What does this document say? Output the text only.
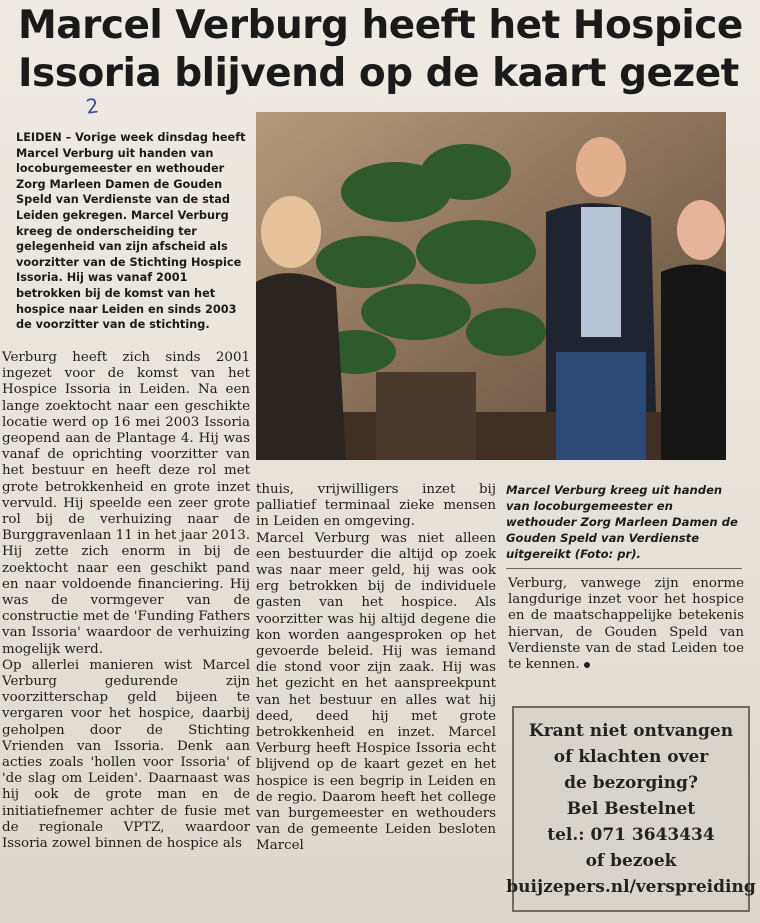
Marcel Verburg heeft het Hospice
Issoria blijvend op de kaart gezet
2
LEIDEN – Vorige week dinsdag heeft Marcel Verburg uit handen van locoburgemeester en wethouder Zorg Marleen Damen de Gouden Speld van Verdienste van de stad Leiden gekregen. Marcel Verburg kreeg de onderscheiding ter gelegenheid van zijn afscheid als voorzitter van de Stichting Hospice Issoria. Hij was vanaf 2001 betrokken bij de komst van het hospice naar Leiden en sinds 2003 de voorzitter van de stichting.

Verburg heeft zich sinds 2001 ingezet voor de komst van het Hospice Issoria in Leiden. Na een lange zoektocht naar een geschikte locatie werd op 16 mei 2003 Issoria geopend aan de Plantage 4. Hij was vanaf de oprichting voorzitter van het bestuur en heeft deze rol met grote betrokkenheid en grote inzet vervuld. Hij speelde een zeer grote rol bij de verhuizing naar de Burggravenlaan 11 in het jaar 2013. Hij zette zich enorm in bij de zoektocht naar een geschikt pand en naar voldoende financiering. Hij was de vormgever van de constructie met de 'Funding Fathers van Issoria' waardoor de verhuizing mogelijk werd.

Op allerlei manieren wist Marcel Verburg gedurende zijn voorzitterschap geld bijeen te vergaren voor het hospice, daarbij geholpen door de Stichting Vrienden van Issoria. Denk aan acties zoals 'hollen voor Issoria' of 'de slag om Leiden'. Daarnaast was hij ook de grote man en de initiatiefnemer achter de fusie met de regionale VPTZ, waardoor Issoria zowel binnen de hospice als

thuis, vrijwilligers inzet bij palliatief terminaal zieke mensen in Leiden en omgeving.

Marcel Verburg was niet alleen een bestuurder die altijd op zoek was naar meer geld, hij was ook erg betrokken bij de individuele gasten van het hospice. Als voorzitter was hij altijd degene die kon worden aangesproken op het gevoerde beleid. Hij was iemand die stond voor zijn zaak. Hij was het gezicht en het aanspreekpunt van het bestuur en alles wat hij deed, deed hij met grote betrokkenheid en inzet. Marcel Verburg heeft Hospice Issoria echt blijvend op de kaart gezet en het hospice is een begrip in Leiden en de regio. Daarom heeft het college van burgemeester en wethouders van de gemeente Leiden besloten Marcel

Marcel Verburg kreeg uit handen van locoburgemeester en wethouder Zorg Marleen Damen de Gouden Speld van Verdienste uitgereikt (Foto: pr).

Verburg, vanwege zijn enorme langdurige inzet voor het hospice en de maatschappelijke betekenis hiervan, de Gouden Speld van Verdienste van de stad Leiden toe te kennen.

Krant niet ontvangen
of klachten over
de bezorging?
Bel Bestelnet
tel.: 071 3643434
of bezoek
buijzepers.nl/verspreiding
